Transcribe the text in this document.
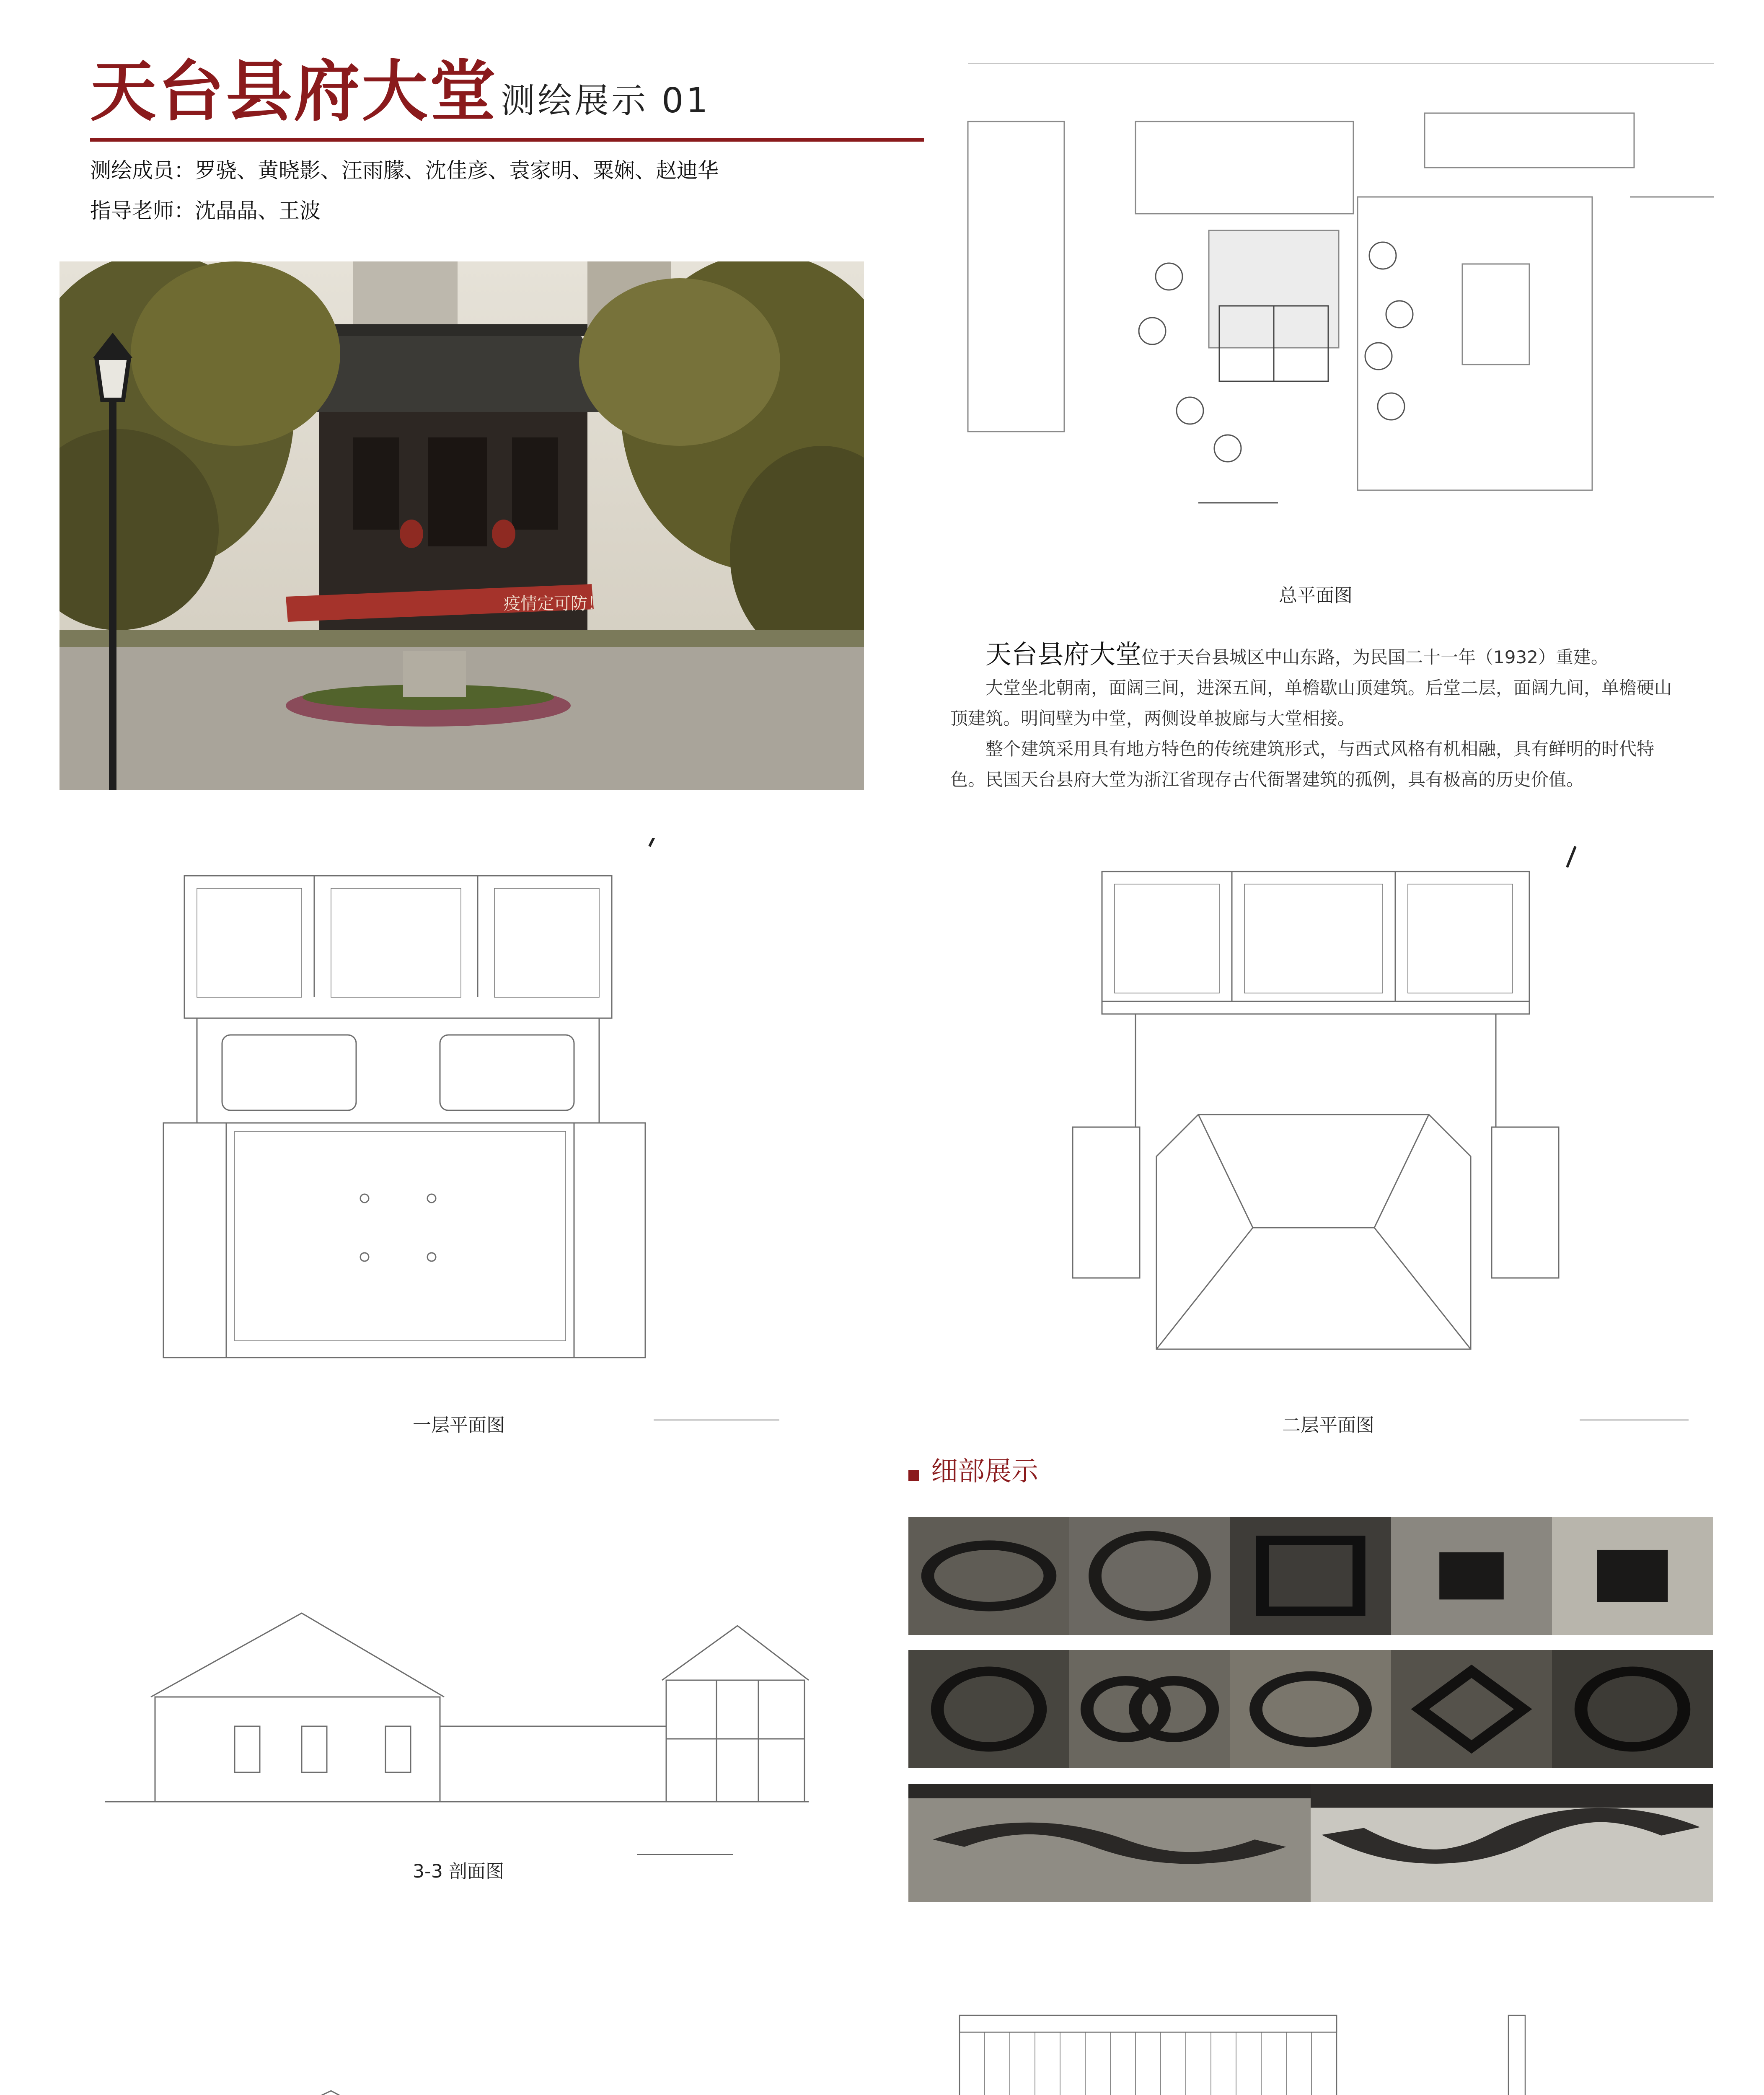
天台县府大堂 测绘展示 01
测绘成员：罗骁、黄晓影、汪雨朦、沈佳彦、袁家明、粟娴、赵迪华
指导老师：沈晶晶、王波
疫情定可防！	总平面图

天台县府大堂位于天台县城区中山东路，为民国二十一年（1932）重建。

大堂坐北朝南，面阔三间，进深五间，单檐歇山顶建筑。后堂二层，面阔九间，单檐硬山顶建筑。明间壁为中堂，两侧设单披廊与大堂相接。

整个建筑采用具有地方特色的传统建筑形式，与西式风格有机相融，具有鲜明的时代特色。民国天台县府大堂为浙江省现存古代衙署建筑的孤例，具有极高的历史价值。

一层平面图	二层平面图
细部展示
3-3 剖面图
